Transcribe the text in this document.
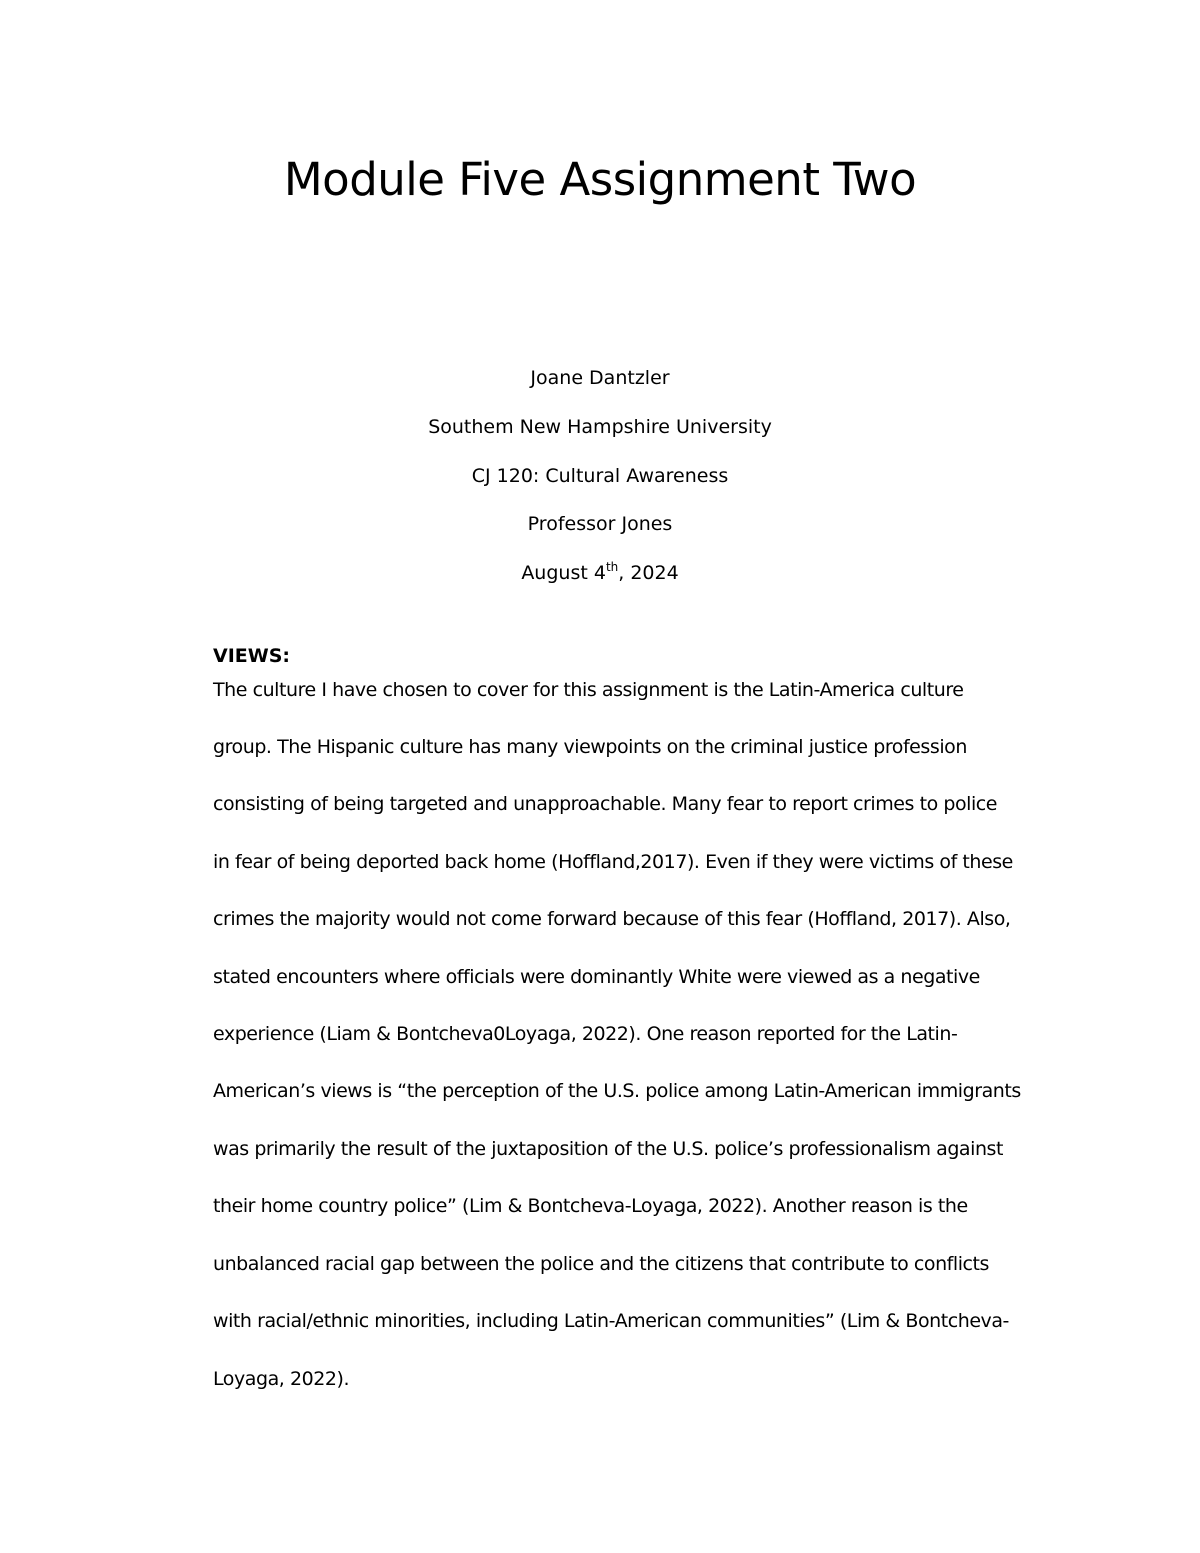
Module Five Assignment Two

Joane Dantzler

Southem New Hampshire University

CJ 120: Cultural Awareness

Professor Jones

August 4th, 2024

VIEWS:

The culture I have chosen to cover for this assignment is the Latin-America culture

group. The Hispanic culture has many viewpoints on the criminal justice profession

consisting of being targeted and unapproachable. Many fear to report crimes to police

in fear of being deported back home (Hoffland,2017). Even if they were victims of these

crimes the majority would not come forward because of this fear (Hoffland, 2017). Also,

stated encounters where officials were dominantly White were viewed as a negative

experience (Liam & Bontcheva0Loyaga, 2022). One reason reported for the Latin-

American’s views is “the perception of the U.S. police among Latin-American immigrants

was primarily the result of the juxtaposition of the U.S. police’s professionalism against

their home country police” (Lim & Bontcheva-Loyaga, 2022). Another reason is the

unbalanced racial gap between the police and the citizens that contribute to conflicts

with racial/ethnic minorities, including Latin-American communities” (Lim & Bontcheva-

Loyaga, 2022).
